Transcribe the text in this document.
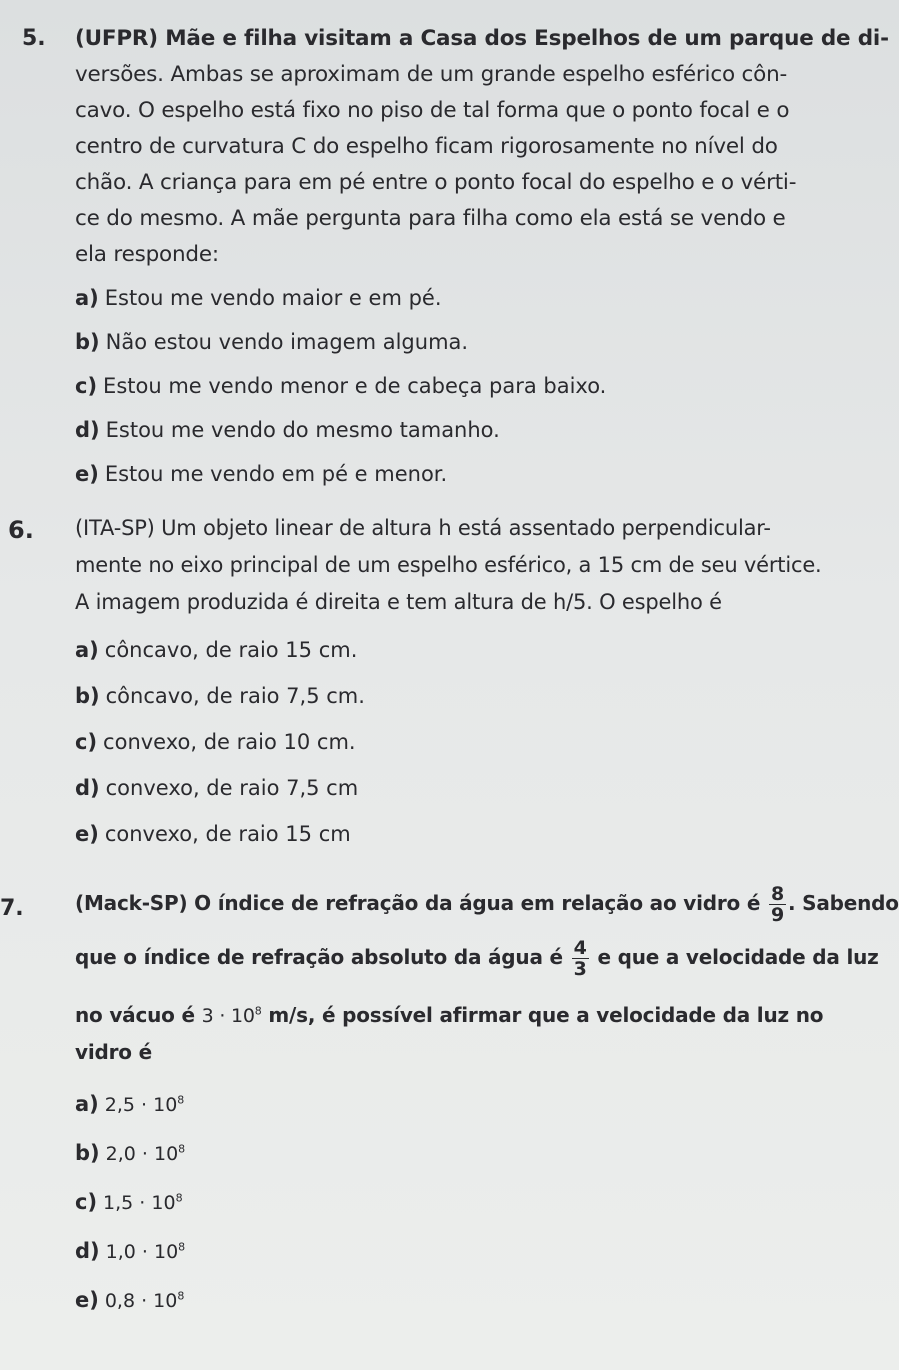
5. (UFPR) Mãe e filha visitam a Casa dos Espelhos de um parque de di-
versões. Ambas se aproximam de um grande espelho esférico côn-
cavo. O espelho está fixo no piso de tal forma que o ponto focal e o
centro de curvatura C do espelho ficam rigorosamente no nível do
chão. A criança para em pé entre o ponto focal do espelho e o vérti-
ce do mesmo. A mãe pergunta para filha como ela está se vendo e
ela responde:
a) Estou me vendo maior e em pé.
b) Não estou vendo imagem alguma.
c) Estou me vendo menor e de cabeça para baixo.
d) Estou me vendo do mesmo tamanho.
e) Estou me vendo em pé e menor.
6. (ITA-SP) Um objeto linear de altura h está assentado perpendicular-
mente no eixo principal de um espelho esférico, a 15 cm de seu vértice.
A imagem produzida é direita e tem altura de h/5. O espelho é
a) côncavo, de raio 15 cm.
b) côncavo, de raio 7,5 cm.
c) convexo, de raio 10 cm.
d) convexo, de raio 7,5 cm
e) convexo, de raio 15 cm
7.	(Mack-SP) O índice de refração da água em relação ao vidro é $\frac{8}{9}$ . Sabendo
que o índice de refração absoluto da água é $\frac{4}{3}$ e que a velocidade da luz
no vácuo é $3 \cdot 10^8$ m/s, é possível afirmar que a velocidade da luz no
vidro é
a) $2,5 \cdot 10^8$
b) $2,0 \cdot 10^8$
c) $1,5 \cdot 10^8$
d) $1,0 \cdot 10^8$
e) $0,8 \cdot 10^8$
